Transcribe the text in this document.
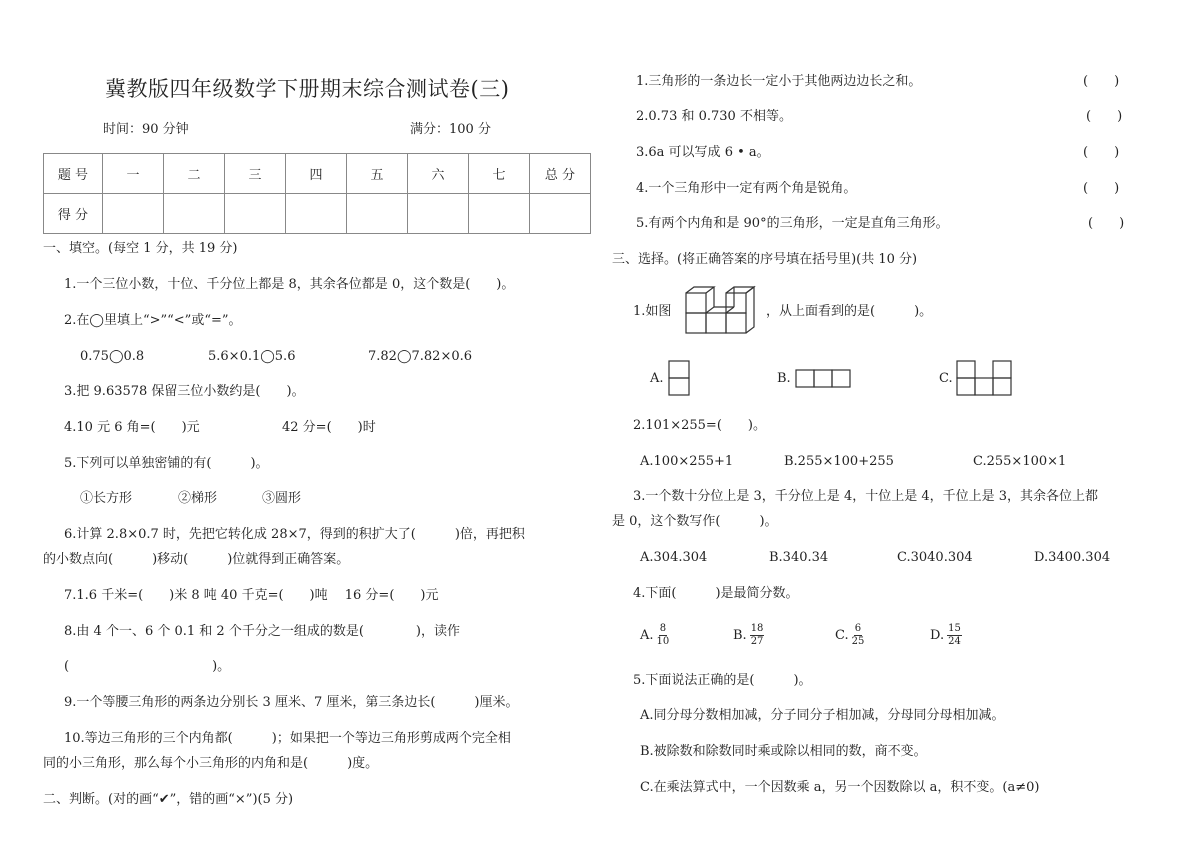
冀教版四年级数学下册期末综合测试卷(三)
时间：90 分钟	满分：100 分
题 号	一	二	三	四	五	六	七	总 分
得 分								
一、填空。(每空 1 分，共 19 分)
1.一个三位小数，十位、千分位上都是 8，其余各位都是 0，这个数是(　　)。
2.在◯里填上“>”“<”或“=”。
0.75◯0.8	5.6×0.1◯5.6	7.82◯7.82×0.6
3.把 9.63578 保留三位小数约是(　　)。
4.10 元 6 角=(　　)元	42 分=(　　)时
5.下列可以单独密铺的有(　　　)。
①长方形	②梯形	③圆形
6.计算 2.8×0.7 时，先把它转化成 28×7，得到的积扩大了(　　　)倍，再把积
的小数点向(　　　)移动(　　　)位就得到正确答案。
7.1.6 千米=(　　)米 8 吨 40 千克=(　　)吨　 16 分=(　　)元
8.由 4 个一、6 个 0.1 和 2 个千分之一组成的数是(　　　　)，读作
(　　　　　　　　　　　)。
9.一个等腰三角形的两条边分别长 3 厘米、7 厘米，第三条边长(　　　)厘米。
10.等边三角形的三个内角都(　　　)；如果把一个等边三角形剪成两个完全相
同的小三角形，那么每个小三角形的内角和是(　　　)度。
二、判断。(对的画“✔”，错的画“×”)(5 分)
1.三角形的一条边长一定小于其他两边边长之和。	(　　)
2.0.73 和 0.730 不相等。	(　　)
3.6a 可以写成 6 • a。	(　　)
4.一个三角形中一定有两个角是锐角。	(　　)
5.有两个内角和是 90°的三角形，一定是直角三角形。	(　　)
三、选择。(将正确答案的序号填在括号里)(共 10 分)
1.如图	，从上面看到的是(　　　)。
A.	B.	C.
2.101×255=(　　)。
A.100×255+1	B.255×100+255	C.255×100×1
3.一个数十分位上是 3，千分位上是 4，十位上是 4，千位上是 3，其余各位上都
是 0，这个数写作(　　　)。
A.304.304	B.340.34	C.3040.304	D.3400.304
4.下面(　　　)是最简分数。
A. $\frac{8}{10}$	B. $\frac{18}{27}$	C. $\frac{6}{25}$	D. $\frac{15}{24}$
5.下面说法正确的是(　　　)。
A.同分母分数相加减，分子同分子相加减，分母同分母相加减。
B.被除数和除数同时乘或除以相同的数，商不变。
C.在乘法算式中，一个因数乘 a，另一个因数除以 a，积不变。(a≠0)
